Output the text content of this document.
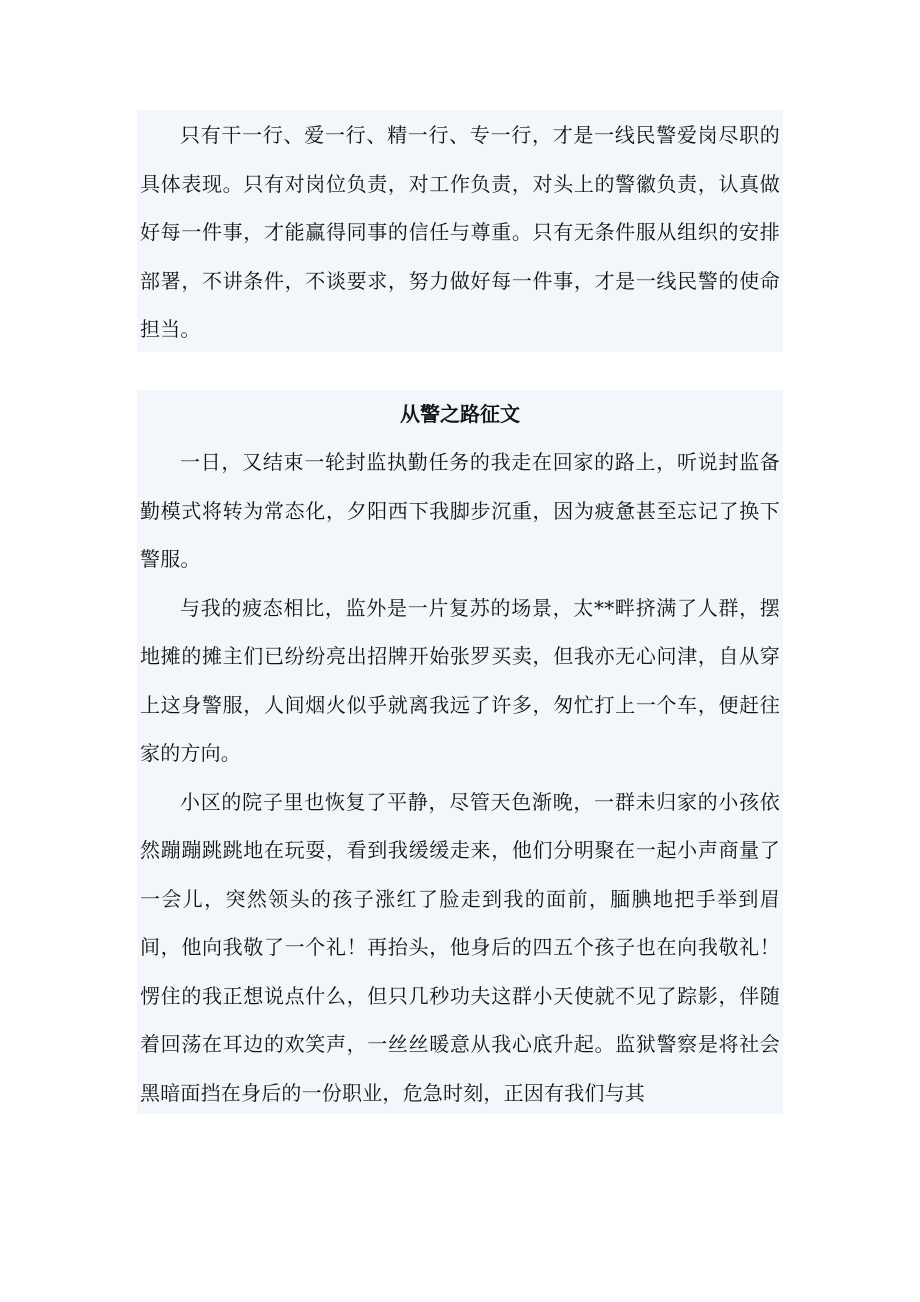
只有干一行、爱一行、精一行、专一行，才是一线民警爱岗尽职的具体表现。只有对岗位负责，对工作负责，对头上的警徽负责，认真做好每一件事，才能赢得同事的信任与尊重。只有无条件服从组织的安排部署，不讲条件，不谈要求，努力做好每一件事，才是一线民警的使命担当。

从警之路征文

一日，又结束一轮封监执勤任务的我走在回家的路上，听说封监备勤模式将转为常态化，夕阳西下我脚步沉重，因为疲惫甚至忘记了换下警服。

与我的疲态相比，监外是一片复苏的场景，太**畔挤满了人群，摆地摊的摊主们已纷纷亮出招牌开始张罗买卖，但我亦无心问津，自从穿上这身警服，人间烟火似乎就离我远了许多，匆忙打上一个车，便赶往家的方向。

小区的院子里也恢复了平静，尽管天色渐晚，一群未归家的小孩依然蹦蹦跳跳地在玩耍，看到我缓缓走来，他们分明聚在一起小声商量了一会儿，突然领头的孩子涨红了脸走到我的面前，腼腆地把手举到眉间，他向我敬了一个礼！再抬头，他身后的四五个孩子也在向我敬礼！愣住的我正想说点什么，但只几秒功夫这群小天使就不见了踪影，伴随着回荡在耳边的欢笑声，一丝丝暖意从我心底升起。监狱警察是将社会黑暗面挡在身后的一份职业，危急时刻，正因有我们与其
